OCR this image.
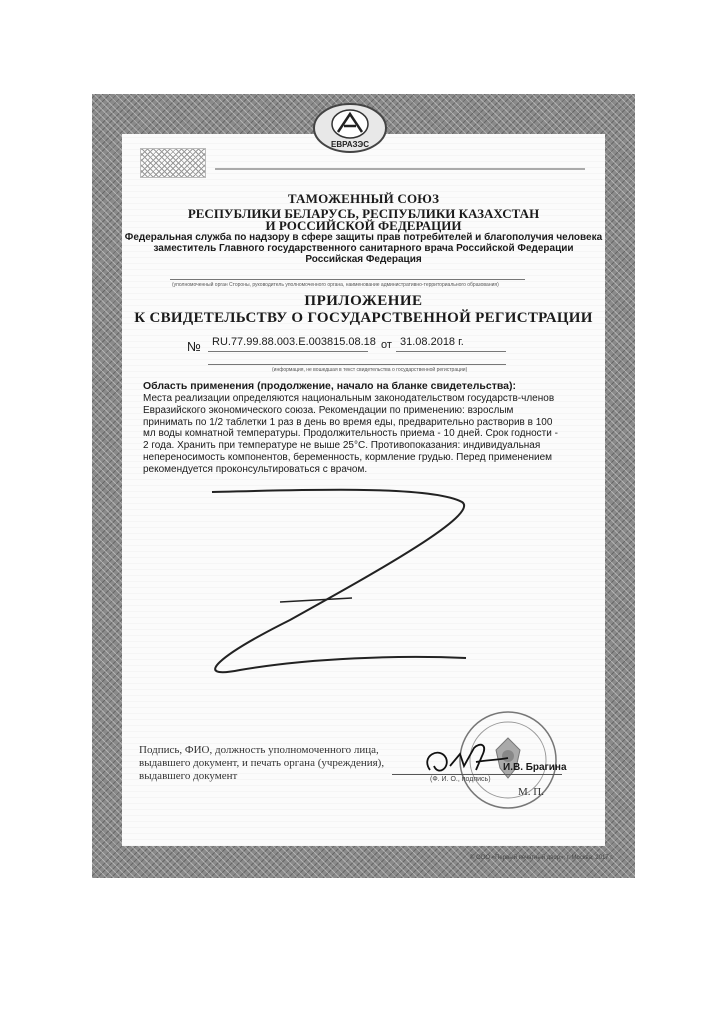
ЕВРАЗЭС
ТАМОЖЕННЫЙ СОЮЗ
РЕСПУБЛИКИ БЕЛАРУСЬ, РЕСПУБЛИКИ КАЗАХСТАН
И РОССИЙСКОЙ ФЕДЕРАЦИИ
Федеральная служба по надзору в сфере защиты прав потребителей и благополучия человека
заместитель Главного государственного санитарного врача Российской Федерации
Российская Федерация
(уполномоченный орган Стороны, руководитель уполномоченного органа, наименование административно-территориального образования)
ПРИЛОЖЕНИЕ
К СВИДЕТЕЛЬСТВУ О ГОСУДАРСТВЕННОЙ РЕГИСТРАЦИИ
№ RU.77.99.88.003.Е.003815.08.18 от 31.08.2018 г.
(информация, не вошедшая в текст свидетельства о государственной регистрации)
Область применения (продолжение, начало на бланке свидетельства):
Места реализации определяются национальным законодательством государств-членов Евразийского экономического союза. Рекомендации по применению: взрослым принимать по 1/2 таблетки 1 раз в день во время еды, предварительно растворив в 100 мл воды комнатной температуры. Продолжительность приема - 10 дней. Срок годности - 2 года. Хранить при температуре не выше 25°С. Противопоказания: индивидуальная непереносимость компонентов, беременность, кормление грудью. Перед применением рекомендуется проконсультироваться с врачом.
Подпись, ФИО, должность уполномоченного лица, выдавшего документ, и печать органа (учреждения), выдавшего документ
И.В. Брагина
(Ф. И. О., подпись)
М. П.
© ООО «Первый печатный двор», г. Москва, 2017 г.
